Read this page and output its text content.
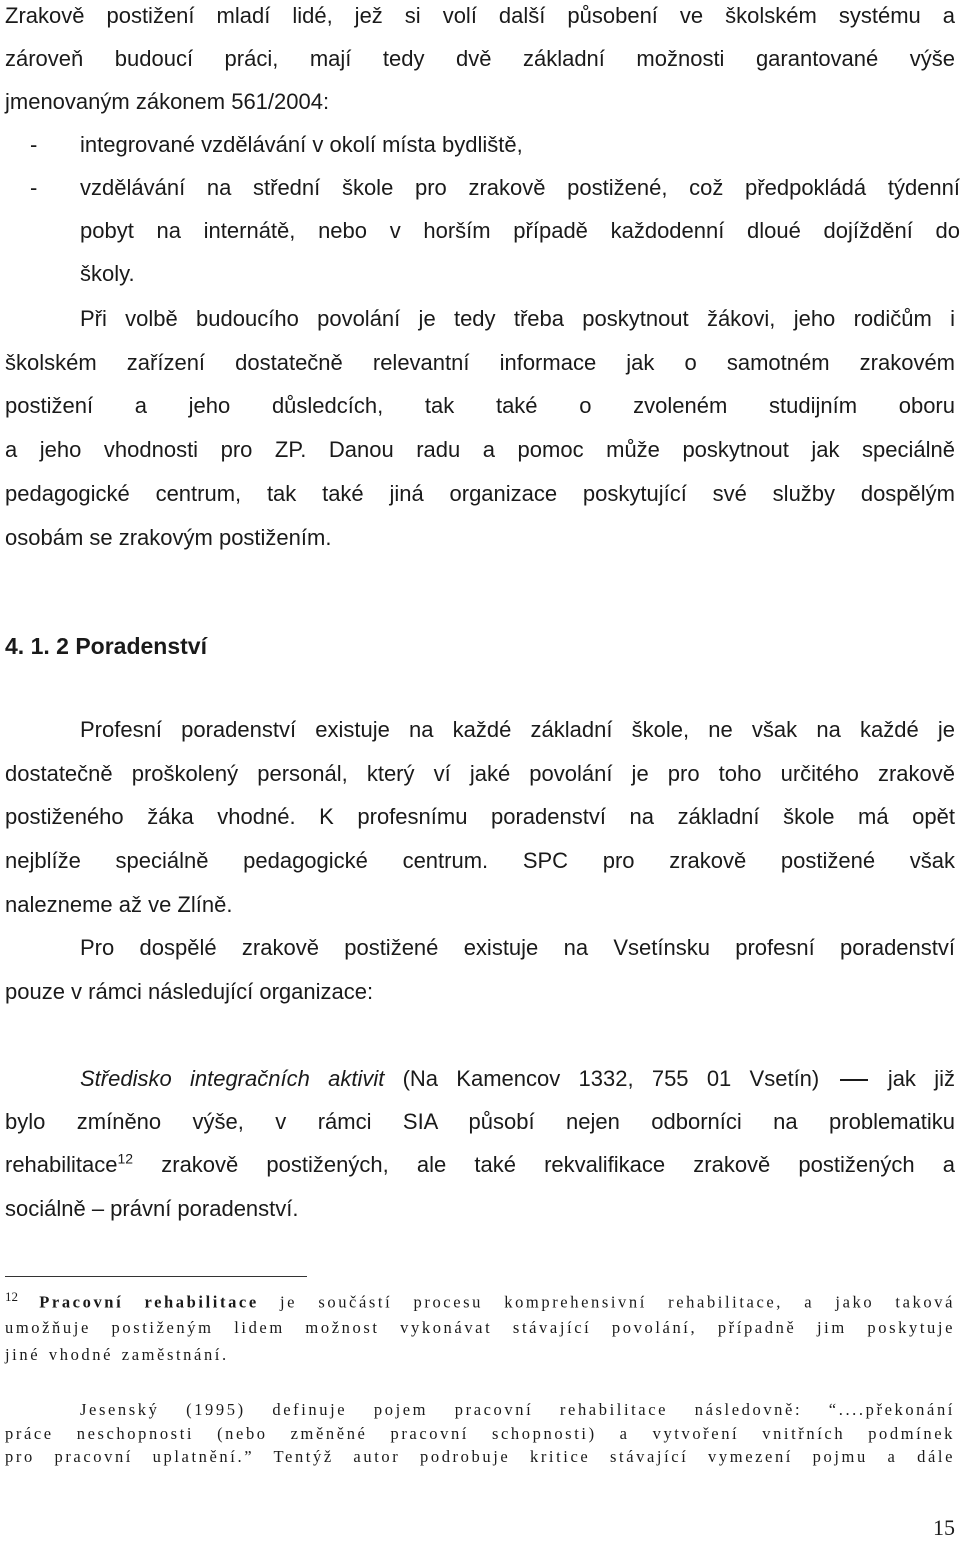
Zrakově postižení mladí lidé, jež si volí další působení ve školském systému a

zároveň budoucí práci, mají tedy dvě základní možnosti garantované výše

jmenovaným zákonem 561/2004:

-	integrované vzdělávání v okolí místa bydliště,
-	vzdělávání na střední škole pro zrakově postižené, což předpokládá týdenní
pobyt na internátě, nebo v horším případě každodenní dloué dojíždění do
školy.

Při volbě budoucího povolání je tedy třeba poskytnout žákovi, jeho rodičům i

školském zařízení dostatečně relevantní informace jak o samotném zrakovém

postižení a jeho důsledcích, tak také o zvoleném studijním oboru

a jeho vhodnosti pro ZP. Danou radu a pomoc může poskytnout jak speciálně

pedagogické centrum, tak také jiná organizace poskytující své služby dospělým

osobám se zrakovým postižením.

4. 1. 2 Poradenství

Profesní poradenství existuje na každé základní škole, ne však na každé je

dostatečně proškolený personál, který ví jaké povolání je pro toho určitého zrakově

postiženého žáka vhodné. K profesnímu poradenství na základní škole má opět

nejblíže speciálně pedagogické centrum. SPC pro zrakově postižené však

nalezneme až ve Zlíně.

Pro dospělé zrakově postižené existuje na Vsetínsku profesní poradenství

pouze v rámci následující organizace:

Středisko integračních aktivit (Na Kamencov 1332, 755 01 Vsetín)	jak již

bylo zmíněno výše, v rámci SIA působí nejen odborníci na problematiku

rehabilitace$^{12}$ zrakově postižených, ale také rekvalifikace zrakově postižených a

sociálně – právní poradenství.

$^{12}$ Pracovní rehabilitace je součástí procesu komprehensivní rehabilitace, a jako taková

umožňuje postiženým lidem možnost vykonávat stávající povolání, případně jim poskytuje

jiné vhodné zaměstnání.

Jesenský (1995) definuje pojem pracovní rehabilitace následovně: “....překonání

práce neschopnosti (nebo změněné pracovní schopnosti) a vytvoření vnitřních podmínek

pro pracovní uplatnění.” Tentýž autor podrobuje kritice stávající vymezení pojmu a dále

15
